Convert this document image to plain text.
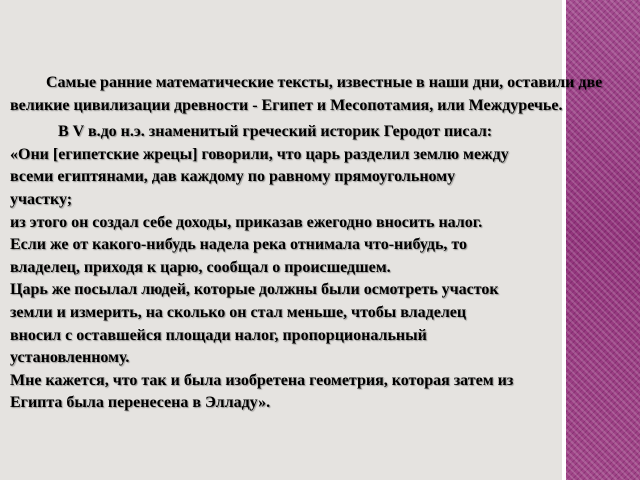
Самые ранние математические тексты, известные в наши дни, оставили две великие цивилизации древности - Египет и Месопотамия, или Междуречье.

В V в.до н.э. знаменитый греческий историк Геродот писал:
«Они [египетские жрецы] говорили, что царь разделил землю между
всеми египтянами, дав каждому по равному прямоугольному
участку;
из этого он создал себе доходы, приказав ежегодно вносить налог.
Если же от какого-нибудь надела река отнимала что-нибудь, то
владелец, приходя к царю, сообщал о происшедшем.
Царь же посылал людей, которые должны были осмотреть участок
земли и измерить, на сколько он стал меньше, чтобы владелец
вносил с оставшейся площади налог, пропорциональный
установленному.
Мне кажется, что так и была изобретена геометрия, которая затем из
Египта была перенесена в Элладу».
